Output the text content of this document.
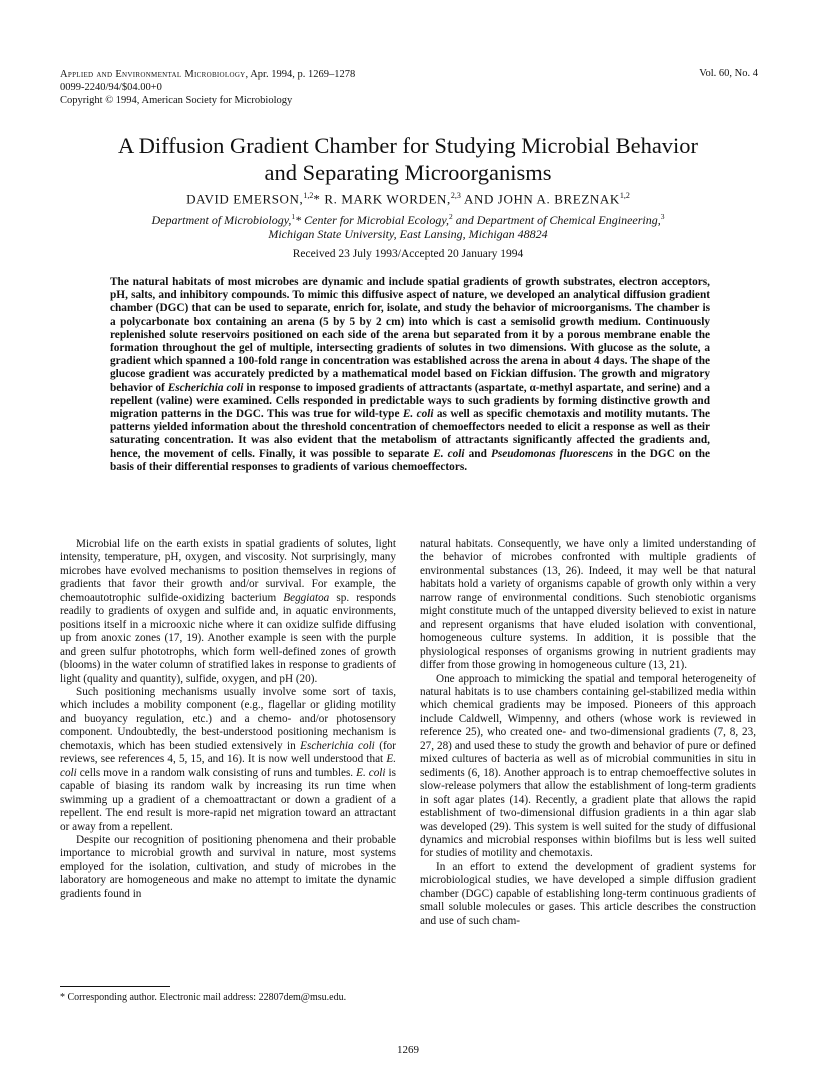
Applied and Environmental Microbiology, Apr. 1994, p. 1269–1278
0099-2240/94/$04.00+0
Copyright © 1994, American Society for Microbiology
Vol. 60, No. 4
A Diffusion Gradient Chamber for Studying Microbial Behavior
and Separating Microorganisms
DAVID EMERSON,$^{1,2}$* R. MARK WORDEN,$^{2,3}$ AND JOHN A. BREZNAK$^{1,2}$
Department of Microbiology,$^1$* Center for Microbial Ecology,$^2$ and Department of Chemical Engineering,$^3$
Michigan State University, East Lansing, Michigan 48824
Received 23 July 1993/Accepted 20 January 1994

The natural habitats of most microbes are dynamic and include spatial gradients of growth substrates, electron acceptors, pH, salts, and inhibitory compounds. To mimic this diffusive aspect of nature, we developed an analytical diffusion gradient chamber (DGC) that can be used to separate, enrich for, isolate, and study the behavior of microorganisms. The chamber is a polycarbonate box containing an arena (5 by 5 by 2 cm) into which is cast a semisolid growth medium. Continuously replenished solute reservoirs positioned on each side of the arena but separated from it by a porous membrane enable the formation throughout the gel of multiple, intersecting gradients of solutes in two dimensions. With glucose as the solute, a gradient which spanned a 100-fold range in concentration was established across the arena in about 4 days. The shape of the glucose gradient was accurately predicted by a mathematical model based on Fickian diffusion. The growth and migratory behavior of Escherichia coli in response to imposed gradients of attractants (aspartate, α-methyl aspartate, and serine) and a repellent (valine) were examined. Cells responded in predictable ways to such gradients by forming distinctive growth and migration patterns in the DGC. This was true for wild-type E. coli as well as specific chemotaxis and motility mutants. The patterns yielded information about the threshold concentration of chemoeffectors needed to elicit a response as well as their saturating concentration. It was also evident that the metabolism of attractants significantly affected the gradients and, hence, the movement of cells. Finally, it was possible to separate E. coli and Pseudomonas fluorescens in the DGC on the basis of their differential responses to gradients of various chemoeffectors.

Microbial life on the earth exists in spatial gradients of solutes, light intensity, temperature, pH, oxygen, and viscosity. Not surprisingly, many microbes have evolved mechanisms to position themselves in regions of gradients that favor their growth and/or survival. For example, the chemoautotrophic sulfide-oxidizing bacterium Beggiatoa sp. responds readily to gradients of oxygen and sulfide and, in aquatic environments, positions itself in a microoxic niche where it can oxidize sulfide diffusing up from anoxic zones (17, 19). Another example is seen with the purple and green sulfur phototrophs, which form well-defined zones of growth (blooms) in the water column of stratified lakes in response to gradients of light (quality and quantity), sulfide, oxygen, and pH (20).

Such positioning mechanisms usually involve some sort of taxis, which includes a mobility component (e.g., flagellar or gliding motility and buoyancy regulation, etc.) and a chemo- and/or photosensory component. Undoubtedly, the best-understood positioning mechanism is chemotaxis, which has been studied extensively in Escherichia coli (for reviews, see references 4, 5, 15, and 16). It is now well understood that E. coli cells move in a random walk consisting of runs and tumbles. E. coli is capable of biasing its random walk by increasing its run time when swimming up a gradient of a chemoattractant or down a gradient of a repellent. The end result is more-rapid net migration toward an attractant or away from a repellent.

Despite our recognition of positioning phenomena and their probable importance to microbial growth and survival in nature, most systems employed for the isolation, cultivation, and study of microbes in the laboratory are homogeneous and make no attempt to imitate the dynamic gradients found in

natural habitats. Consequently, we have only a limited understanding of the behavior of microbes confronted with multiple gradients of environmental substances (13, 26). Indeed, it may well be that natural habitats hold a variety of organisms capable of growth only within a very narrow range of environmental conditions. Such stenobiotic organisms might constitute much of the untapped diversity believed to exist in nature and represent organisms that have eluded isolation with conventional, homogeneous culture systems. In addition, it is possible that the physiological responses of organisms growing in nutrient gradients may differ from those growing in homogeneous culture (13, 21).

One approach to mimicking the spatial and temporal heterogeneity of natural habitats is to use chambers containing gel-stabilized media within which chemical gradients may be imposed. Pioneers of this approach include Caldwell, Wimpenny, and others (whose work is reviewed in reference 25), who created one- and two-dimensional gradients (7, 8, 23, 27, 28) and used these to study the growth and behavior of pure or defined mixed cultures of bacteria as well as of microbial communities in situ in sediments (6, 18). Another approach is to entrap chemoeffective solutes in slow-release polymers that allow the establishment of long-term gradients in soft agar plates (14). Recently, a gradient plate that allows the rapid establishment of two-dimensional diffusion gradients in a thin agar slab was developed (29). This system is well suited for the study of diffusional dynamics and microbial responses within biofilms but is less well suited for studies of motility and chemotaxis.

In an effort to extend the development of gradient systems for microbiological studies, we have developed a simple diffusion gradient chamber (DGC) capable of establishing long-term continuous gradients of small soluble molecules or gases. This article describes the construction and use of such cham-

* Corresponding author. Electronic mail address: 22807dem@msu.edu.
1269
